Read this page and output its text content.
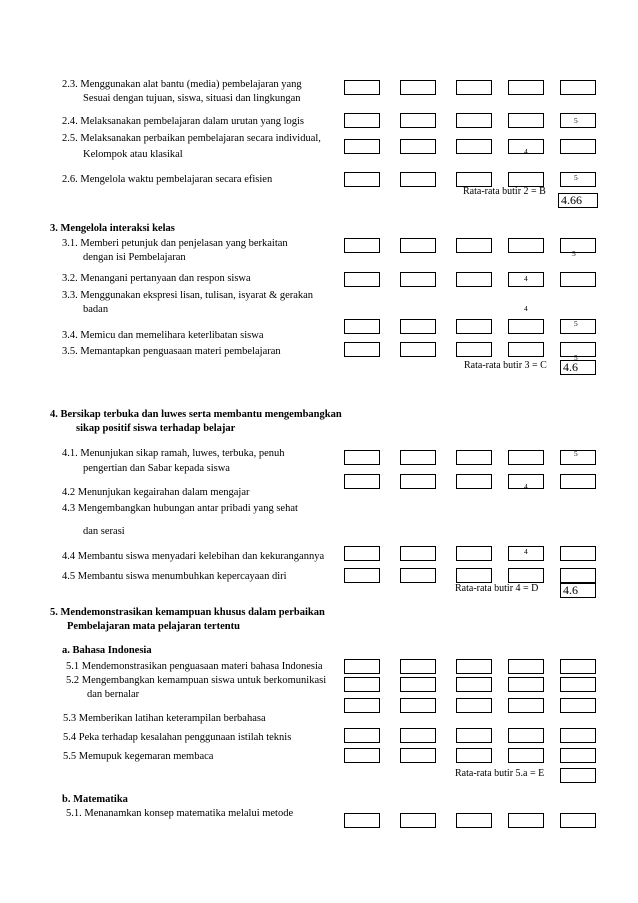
2.3. Menggunakan alat bantu (media) pembelajaran yang
Sesuai dengan tujuan, siswa, situasi dan lingkungan
2.4. Melaksanakan pembelajaran dalam urutan yang logis
2.5. Melaksanakan perbaikan pembelajaran secara individual,
Kelompok atau klasikal
2.6. Mengelola waktu pembelajaran secara efisien
5
4
5
Rata-rata butir 2 = B
4.66
3. Mengelola interaksi kelas
3.1. Memberi petunjuk dan penjelasan yang berkaitan
dengan isi Pembelajaran
3.2. Menangani pertanyaan dan respon siswa
3.3. Menggunakan ekspresi lisan, tulisan, isyarat & gerakan
badan
3.4. Memicu dan memelihara keterlibatan siswa
3.5. Memantapkan penguasaan materi pembelajaran
5
4
4
5
5
Rata-rata butir 3 = C 4.6
4. Bersikap terbuka dan luwes serta membantu mengembangkan
sikap positif siswa terhadap belajar
4.1. Menunjukan sikap ramah, luwes, terbuka, penuh
pengertian dan Sabar kepada siswa
4.2 Menunjukan kegairahan dalam mengajar
4.3 Mengembangkan hubungan antar pribadi yang sehat
dan serasi
4.4 Membantu siswa menyadari kelebihan dan kekurangannya
4.5 Membantu siswa menumbuhkan kepercayaan diri
5
4
4
Rata-rata butir 4 = D 4.6
5. Mendemonstrasikan kemampuan khusus dalam perbaikan
Pembelajaran mata pelajaran tertentu
a. Bahasa Indonesia
5.1 Mendemonstrasikan penguasaan materi bahasa Indonesia
5.2 Mengembangkan kemampuan siswa untuk berkomunikasi
dan bernalar
5.3 Memberikan latihan keterampilan berbahasa
5.4 Peka terhadap kesalahan penggunaan istilah teknis
5.5 Memupuk kegemaran membaca
Rata-rata butir 5.a = E
b. Matematika
5.1. Menanamkan konsep matematika melalui metode
